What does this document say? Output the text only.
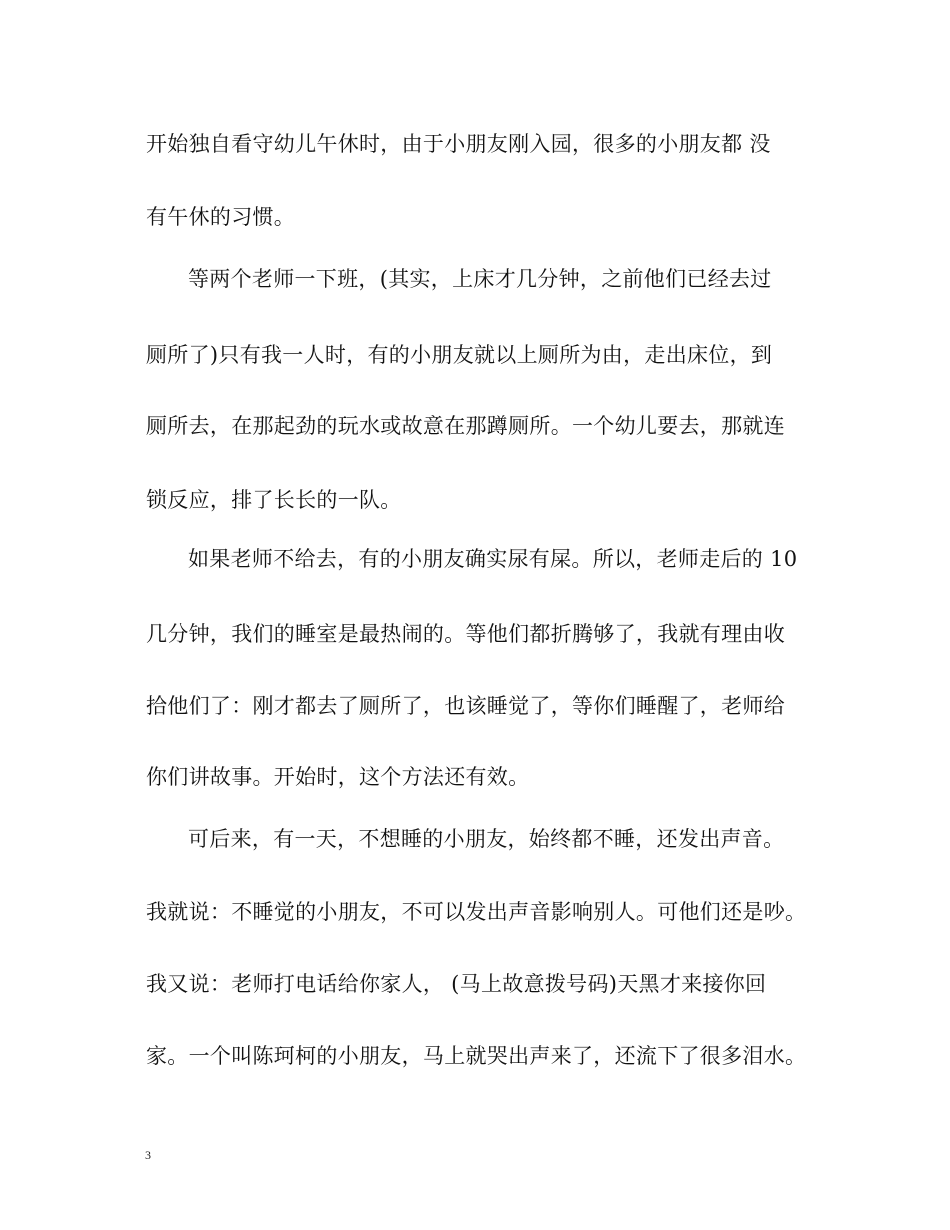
开始独自看守幼儿午休时，由于小朋友刚入园，很多的小朋友都 没
有午休的习惯。
等两个老师一下班，(其实，上床才几分钟，之前他们已经去过
厕所了)只有我一人时，有的小朋友就以上厕所为由，走出床位，到
厕所去，在那起劲的玩水或故意在那蹲厕所。一个幼儿要去，那就连
锁反应，排了长长的一队。
如果老师不给去，有的小朋友确实尿有屎。所以，老师走后的 10
几分钟，我们的睡室是最热闹的。等他们都折腾够了，我就有理由收
拾他们了：刚才都去了厕所了，也该睡觉了，等你们睡醒了，老师给
你们讲故事。开始时，这个方法还有效。
可后来，有一天，不想睡的小朋友，始终都不睡，还发出声音。
我就说：不睡觉的小朋友，不可以发出声音影响别人。可他们还是吵。
我又说：老师打电话给你家人， (马上故意拨号码)天黑才来接你回
家。一个叫陈珂柯的小朋友，马上就哭出声来了，还流下了很多泪水。
3
